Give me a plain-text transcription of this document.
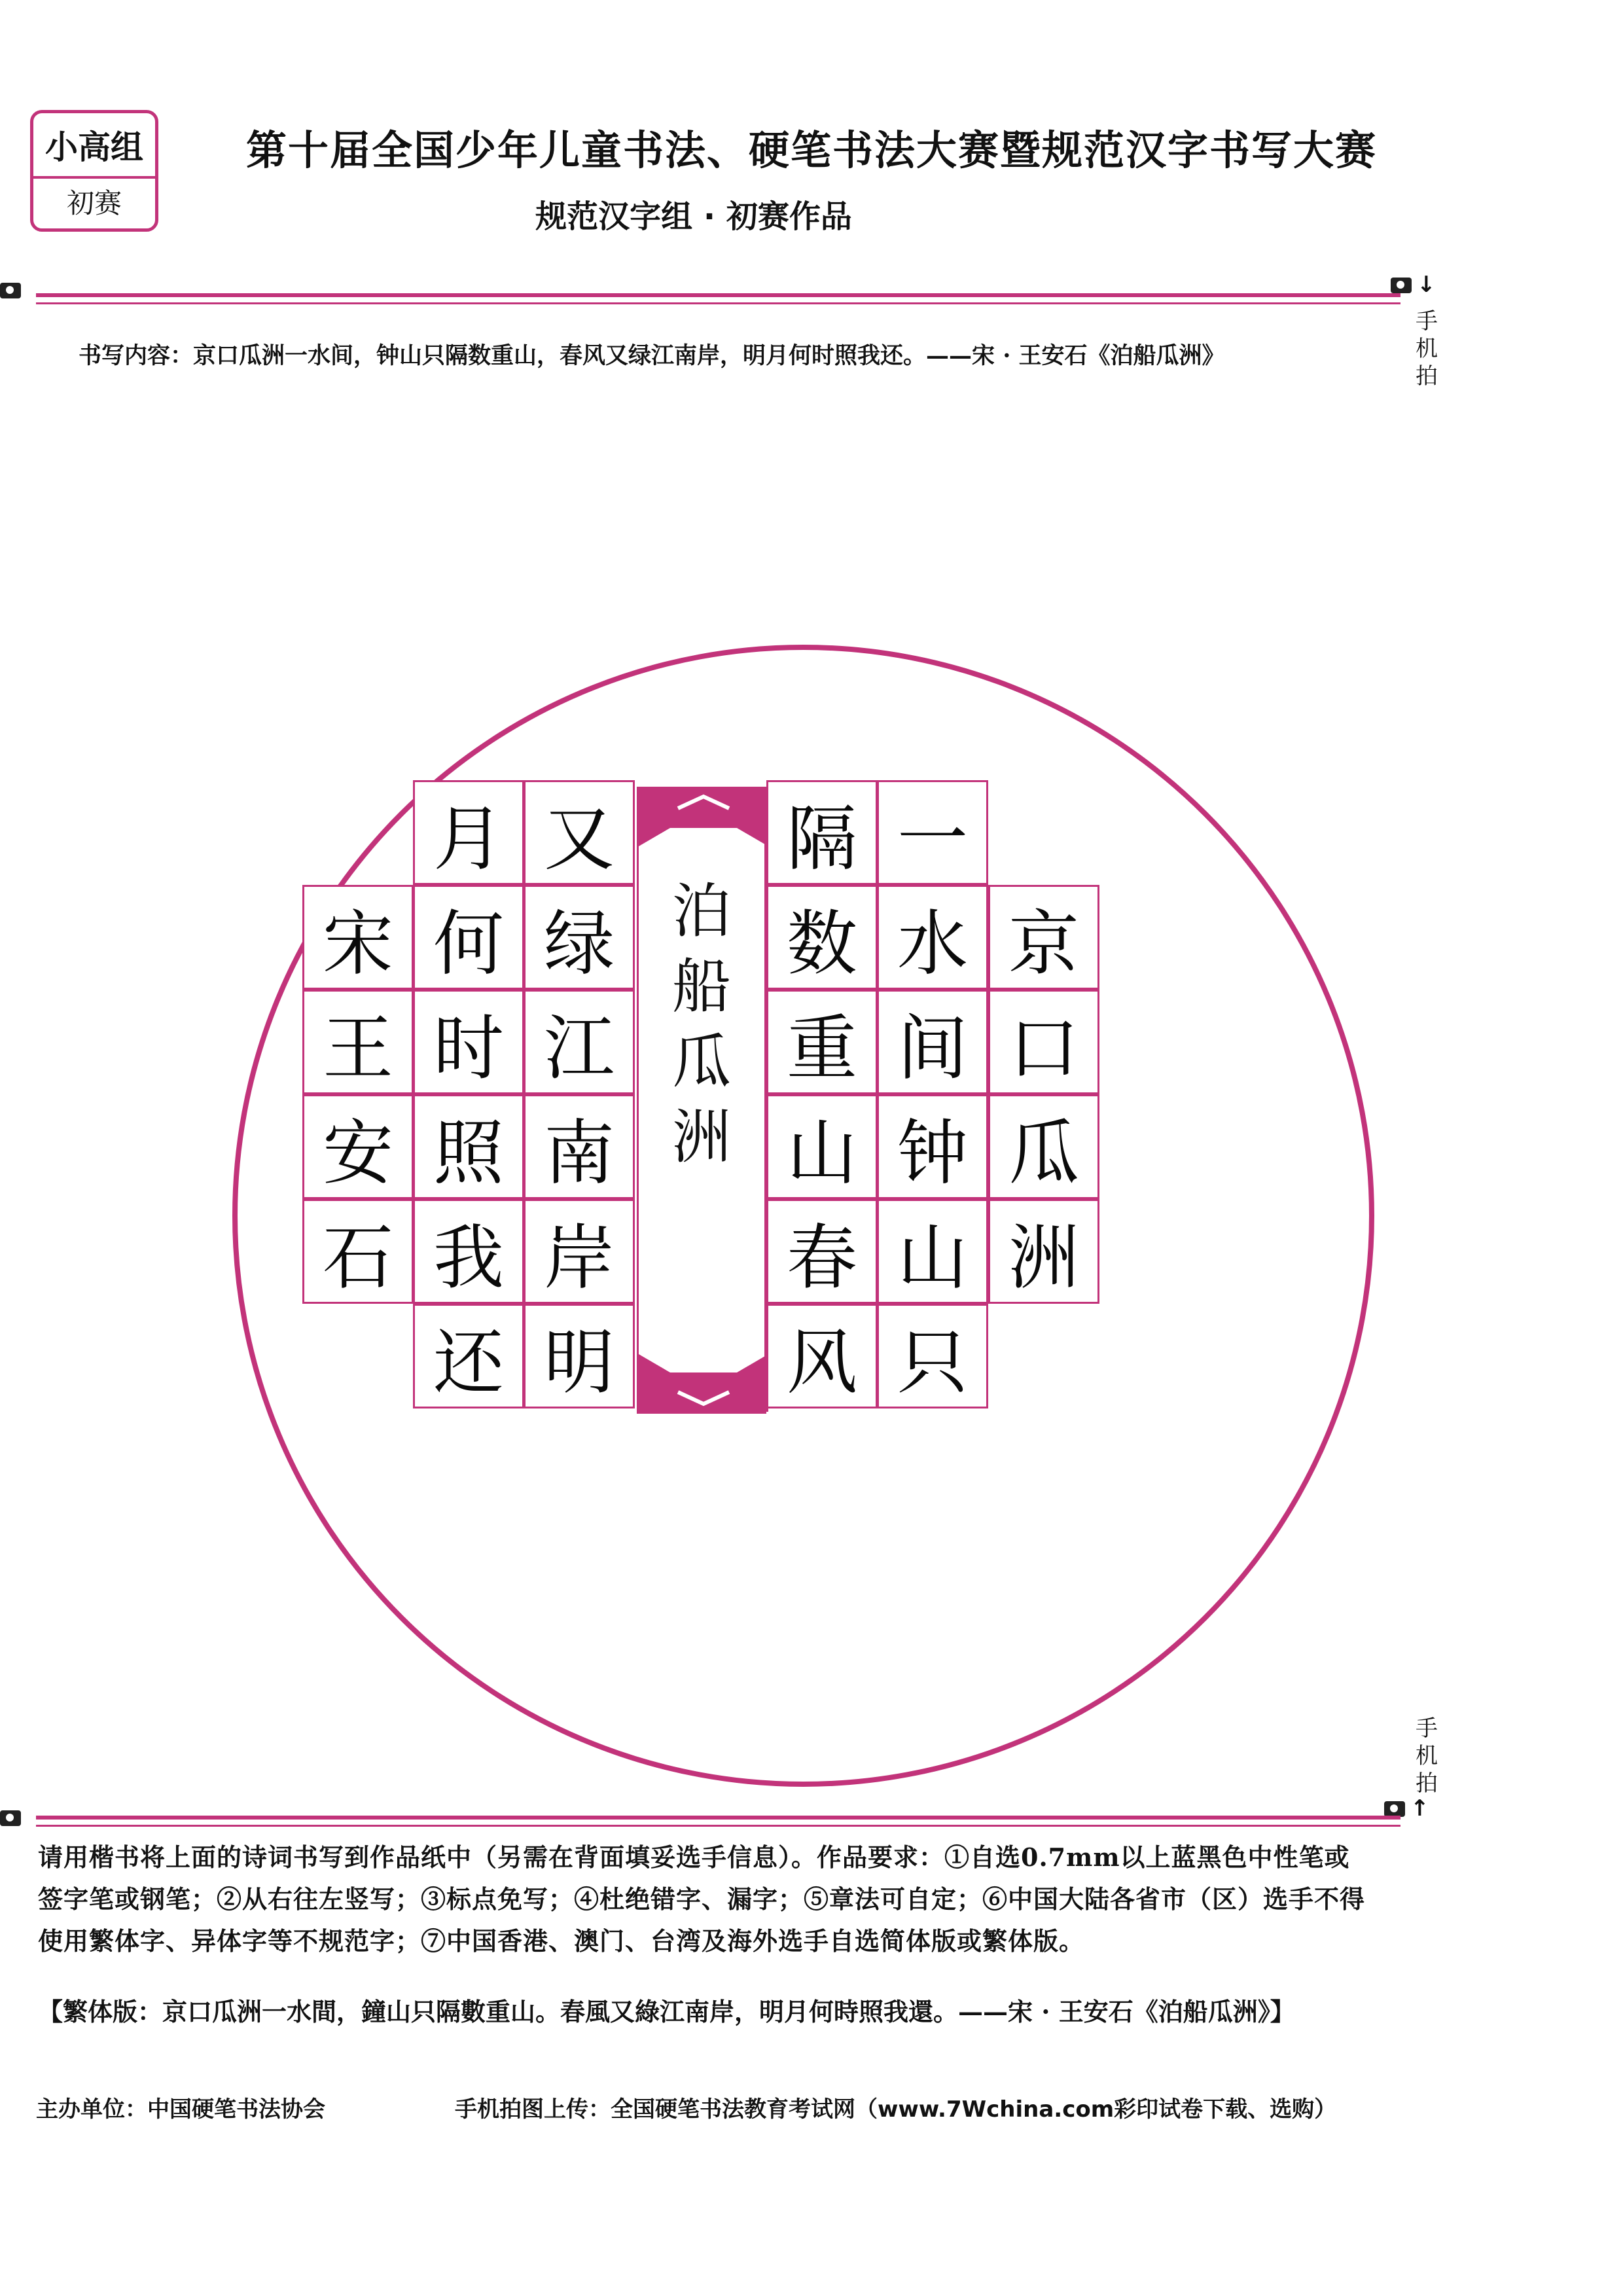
小高组
初赛
第十届全国少年儿童书法、硬笔书法大赛暨规范汉字书写大赛
规范汉字组 · 初赛作品
↓
手
机
拍
书写内容：京口瓜洲一水间，钟山只隔数重山，春风又绿江南岸，明月何时照我还。——宋 · 王安石《泊船瓜洲》
京
口
瓜
洲
一
水
间
钟
山
只
隔
数
重
山
春
风
又
绿
江
南
岸
明
月
何
时
照
我
还
宋
王
安
石
泊
船
瓜
洲
手
机
拍
↑
请用楷书将上面的诗词书写到作品纸中（另需在背面填妥选手信息）。作品要求：①自选0.7mm以上蓝黑色中性笔或签字笔或钢笔；②从右往左竖写；③标点免写；④杜绝错字、漏字；⑤章法可自定；⑥中国大陆各省市（区）选手不得使用繁体字、异体字等不规范字；⑦中国香港、澳门、台湾及海外选手自选简体版或繁体版。
【繁体版：京口瓜洲一水間，鐘山只隔數重山。春風又綠江南岸，明月何時照我還。——宋 · 王安石《泊船瓜洲》】
主办单位：中国硬笔书法协会	手机拍图上传：全国硬笔书法教育考试网（www.7Wchina.com彩印试卷下载、选购）
